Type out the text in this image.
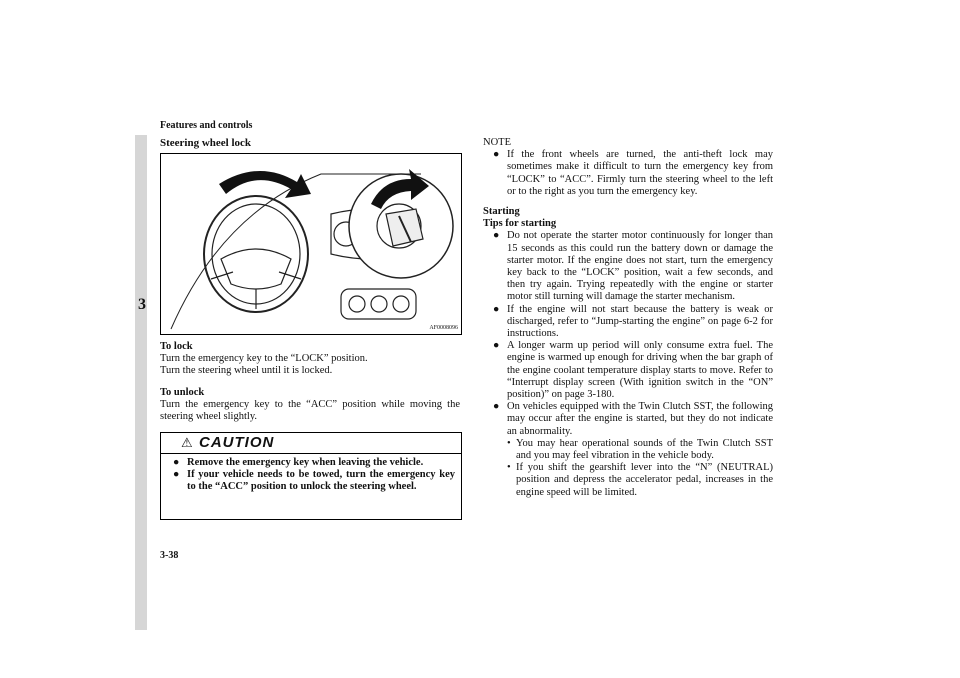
Features and controls
3
Steering wheel lock
AF0008096
To lock
Turn the emergency key to the “LOCK” position.
Turn the steering wheel until it is locked.
To unlock
Turn the emergency key to the “ACC” position while moving the steering wheel slightly.
⚠ CAUTION
● Remove the emergency key when leaving the vehicle.
● If your vehicle needs to be towed, turn the emergency key to the “ACC” position to unlock the steering wheel.
NOTE
● If the front wheels are turned, the anti-theft lock may sometimes make it difficult to turn the emergency key from “LOCK” to “ACC”. Firmly turn the steering wheel to the left or to the right as you turn the emergency key.
Starting
Tips for starting
● Do not operate the starter motor continuously for longer than 15 seconds as this could run the battery down or damage the starter motor. If the engine does not start, turn the emergency key back to the “LOCK” position, wait a few seconds, and then try again. Trying repeatedly with the engine or starter motor still turning will damage the starter mechanism.
● If the engine will not start because the battery is weak or discharged, refer to “Jump-starting the engine” on page 6-2 for instructions.
● A longer warm up period will only consume extra fuel. The engine is warmed up enough for driving when the bar graph of the engine coolant temperature display starts to move. Refer to “Interrupt display screen (With ignition switch in the “ON” position)” on page 3-180.
● On vehicles equipped with the Twin Clutch SST, the following may occur after the engine is started, but they do not indicate an abnormality.
• You may hear operational sounds of the Twin Clutch SST and you may feel vibration in the vehicle body.
• If you shift the gearshift lever into the “N” (NEUTRAL) position and depress the accelerator pedal, increases in the engine speed will be limited.
3-38
